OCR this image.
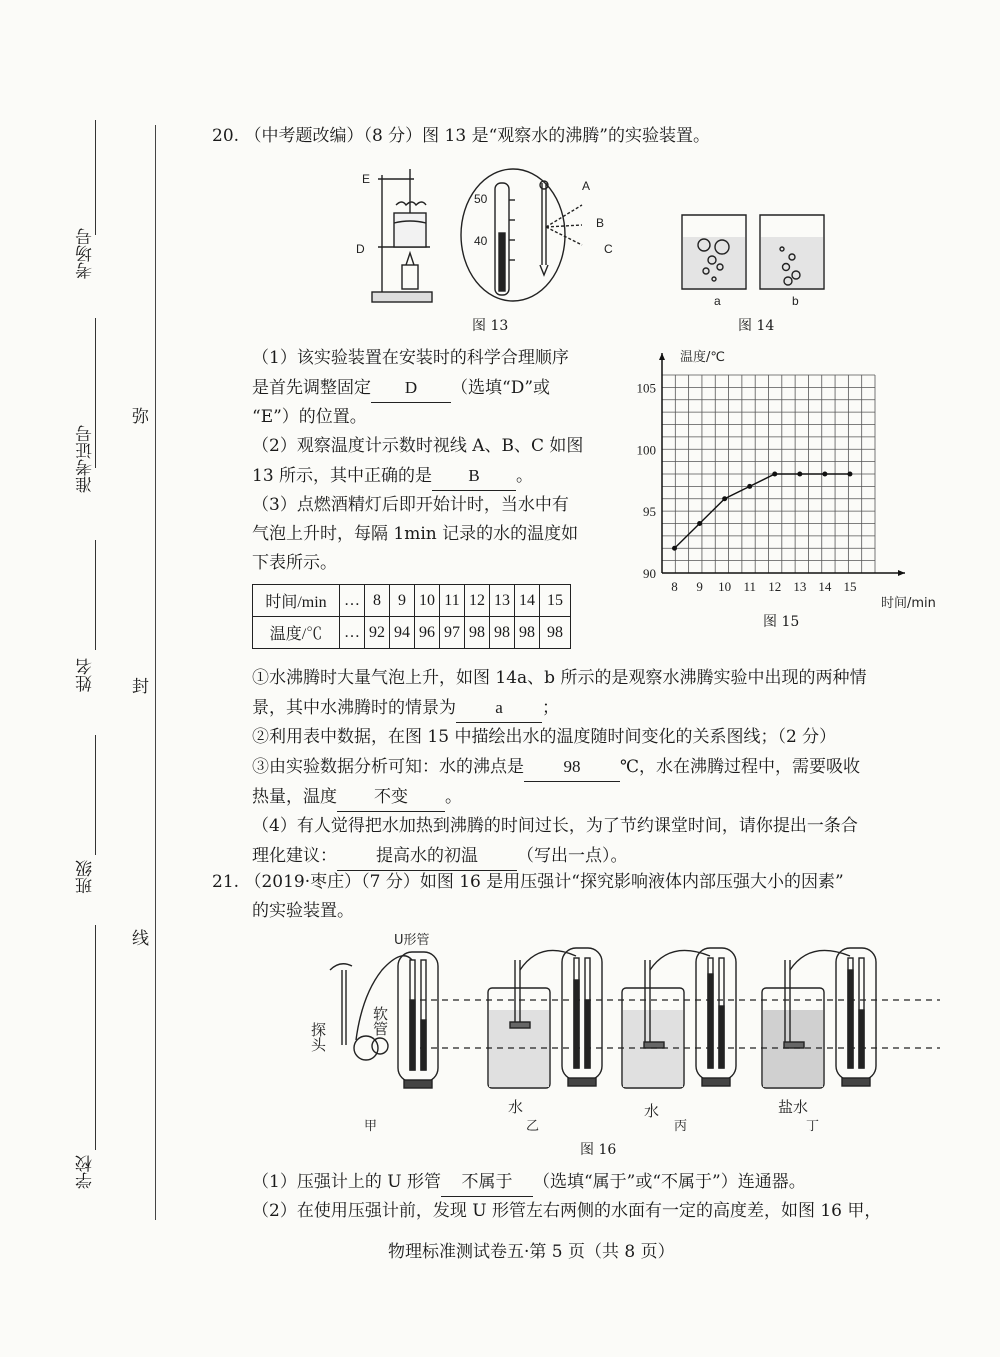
考场号
准考证号
姓名
班级
学校
弥
封
线
20. （中考题改编）（8 分）图 13 是“观察水的沸腾”的实验装置。
E
D
50
40
A
B
C
图 13
a	b
图 14
（1）该实验装置在安装时的科学合理顺序
是首先调整固定 D （选填“D”或
“E”）的位置。
（2）观察温度计示数时视线 A、B、C 如图
13 所示，其中正确的是 B 。
（3）点燃酒精灯后即开始计时，当水中有
气泡上升时，每隔 1min 记录的水的温度如
下表所示。
时间/min	…	8	9	10	11	12	13	14	15
温度/℃	…	92	94	96	97	98	98	98	98
8 9 10 11 12 13 14 15
90
95
100
105
温度/℃
时间/min
图 15
①水沸腾时大量气泡上升，如图 14a、b 所示的是观察水沸腾实验中出现的两种情
景，其中水沸腾时的情景为 a ；
②利用表中数据，在图 15 中描绘出水的温度随时间变化的关系图线；（2 分）
③由实验数据分析可知：水的沸点是 98 ℃，水在沸腾过程中，需要吸收
热量，温度 不变 。
（4）有人觉得把水加热到沸腾的时间过长，为了节约课堂时间，请你提出一条合
理化建议： 提高水的初温 （写出一点）。
21. （2019·枣庄）（7 分）如图 16 是用压强计“探究影响液体内部压强大小的因素”
的实验装置。
U形管
探头
软管
水	水	盐水
甲	乙	丙	丁
图 16
（1）压强计上的 U 形管 不属于 （选填“属于”或“不属于”）连通器。
（2）在使用压强计前，发现 U 形管左右两侧的水面有一定的高度差，如图 16 甲，
物理标准测试卷五·第 5 页（共 8 页）
